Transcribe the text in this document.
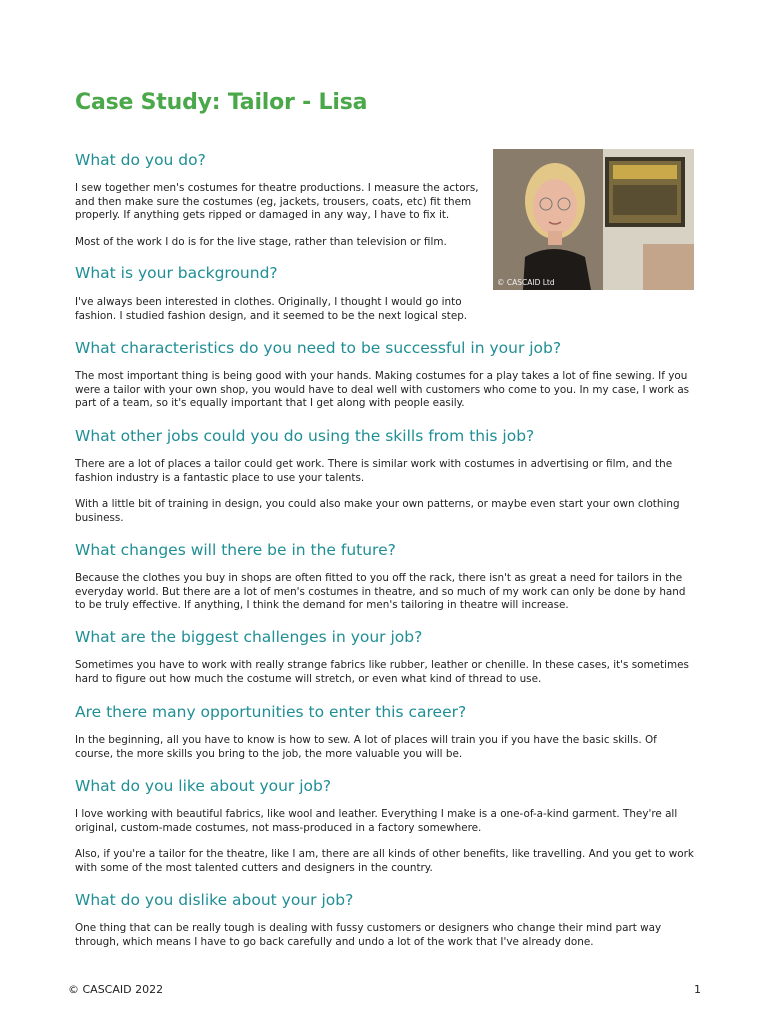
Case Study: Tailor - Lisa
© CASCAID Ltd
What do you do?

I sew together men's costumes for theatre productions. I measure the actors, and then make sure the costumes (eg, jackets, trousers, coats, etc) fit them properly. If anything gets ripped or damaged in any way, I have to fix it.

Most of the work I do is for the live stage, rather than television or film.

What is your background?

I've always been interested in clothes. Originally, I thought I would go into fashion. I studied fashion design, and it seemed to be the next logical step.

What characteristics do you need to be successful in your job?

The most important thing is being good with your hands. Making costumes for a play takes a lot of fine sewing. If you were a tailor with your own shop, you would have to deal well with customers who come to you. In my case, I work as part of a team, so it's equally important that I get along with people easily.

What other jobs could you do using the skills from this job?

There are a lot of places a tailor could get work. There is similar work with costumes in advertising or film, and the fashion industry is a fantastic place to use your talents.

With a little bit of training in design, you could also make your own patterns, or maybe even start your own clothing business.

What changes will there be in the future?

Because the clothes you buy in shops are often fitted to you off the rack, there isn't as great a need for tailors in the everyday world. But there are a lot of men's costumes in theatre, and so much of my work can only be done by hand to be truly effective. If anything, I think the demand for men's tailoring in theatre will increase.

What are the biggest challenges in your job?

Sometimes you have to work with really strange fabrics like rubber, leather or chenille. In these cases, it's sometimes hard to figure out how much the costume will stretch, or even what kind of thread to use.

Are there many opportunities to enter this career?

In the beginning, all you have to know is how to sew. A lot of places will train you if you have the basic skills. Of course, the more skills you bring to the job, the more valuable you will be.

What do you like about your job?

I love working with beautiful fabrics, like wool and leather. Everything I make is a one-of-a-kind garment. They're all original, custom-made costumes, not mass-produced in a factory somewhere.

Also, if you're a tailor for the theatre, like I am, there are all kinds of other benefits, like travelling. And you get to work with some of the most talented cutters and designers in the country.

What do you dislike about your job?

One thing that can be really tough is dealing with fussy customers or designers who change their mind part way through, which means I have to go back carefully and undo a lot of the work that I've already done.

© CASCAID 2022	1
